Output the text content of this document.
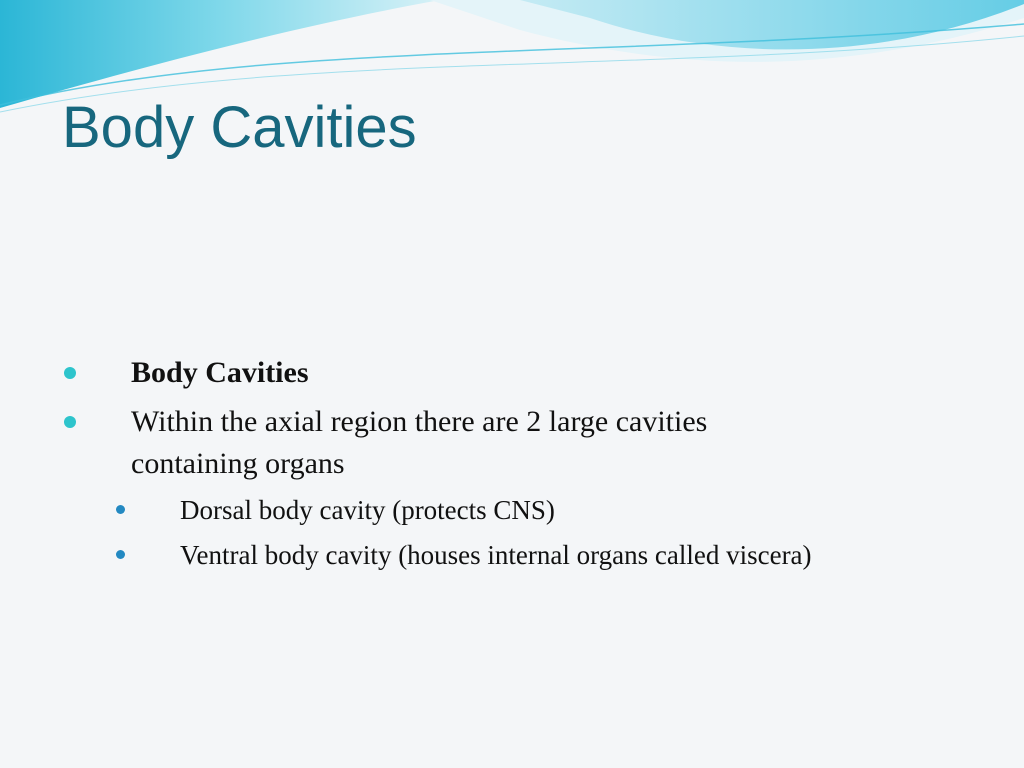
Body Cavities
Body Cavities
Within the axial region there are 2 large cavities
containing organs
Dorsal body cavity (protects CNS)
Ventral body cavity (houses internal organs called viscera)
